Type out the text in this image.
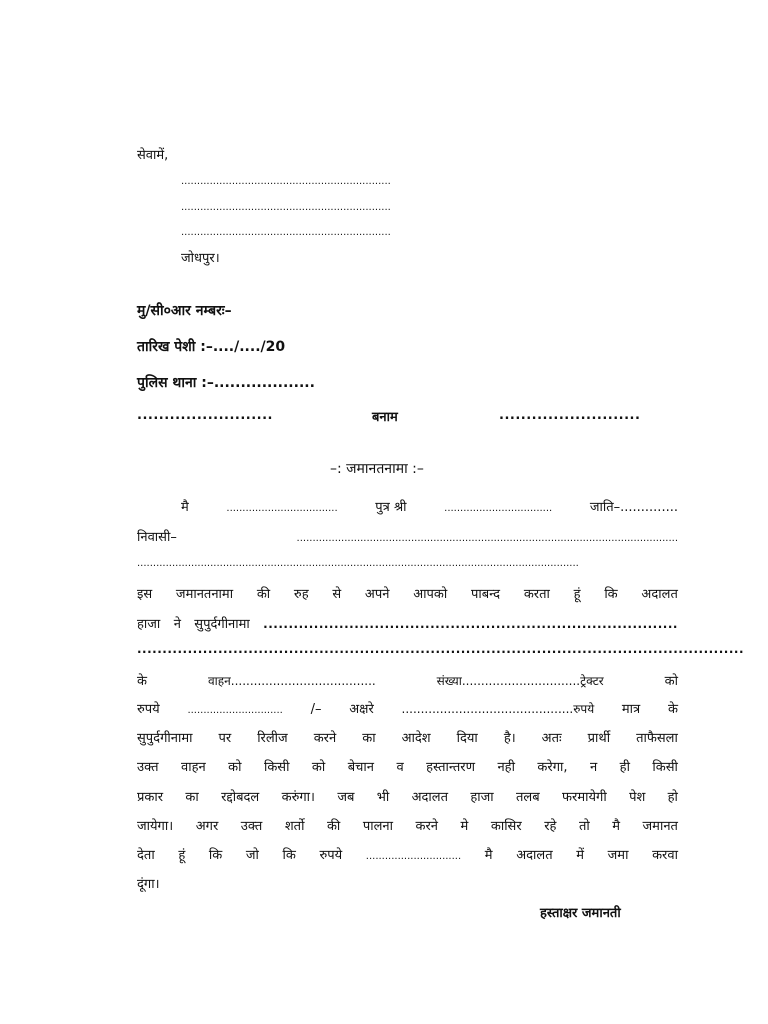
सेवामें,
..................................................................
..................................................................
..................................................................
जोधपुर।
मु/सी०आर नम्बरः–
तारिख पेशी :–..../..../20
पुलिस थाना :–...................
.........................	बनाम	..........................
–: जमानतनामा :–
मै	...................................	पुत्र श्री	..................................	जाति–..............
निवासी–	........................................................................................................................
...........................................................................................................................................
इस जमानतनामा की रुह से अपने आपको पाबन्द करता हूं कि अदालत
हाजा ने सुपुर्दगीनामा ..................................................................................
........................................................................................................................
के	वाहन......................................	संख्या...............................ट्रेक्टर	को
रुपये	.............................. /– अक्षरे .............................................रुपये मात्र के
सुपुर्दगीनामा पर रिलीज करने का आदेश दिया है। अतः प्रार्थी ताफैसला
उक्त वाहन को किसी को बेचान व हस्तान्तरण नही करेगा, न ही किसी
प्रकार का रद्दोबदल करुंगा। जब भी अदालत हाजा तलब फरमायेगी पेश हो
जायेगा। अगर उक्त शर्तो की पालना करने मे कासिर रहे तो मै जमानत
देता हूं कि जो कि रुपये .............................. मै अदालत में जमा करवा
दूंगा।
हस्ताक्षर जमानती
